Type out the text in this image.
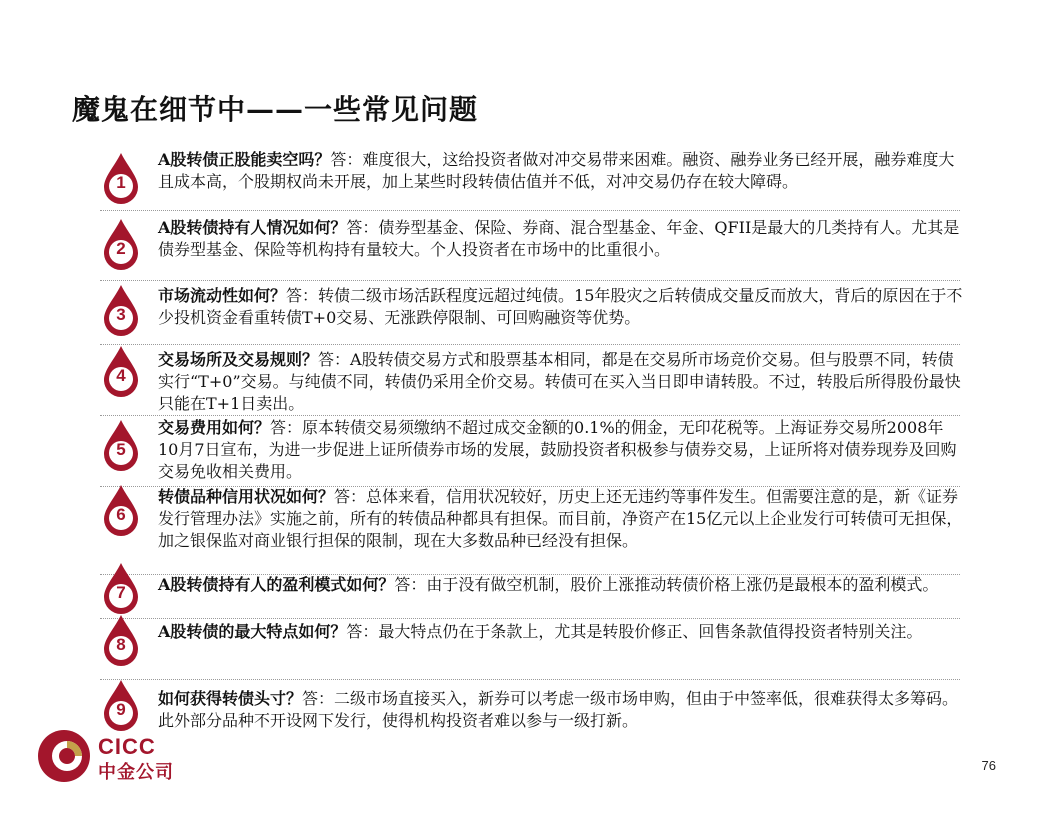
魔鬼在细节中——一些常见问题
1
A股转债正股能卖空吗？答：难度很大，这给投资者做对冲交易带来困难。融资、融券业务已经开展，融券难度大且成本高，个股期权尚未开展，加上某些时段转债估值并不低，对冲交易仍存在较大障碍。
2
A股转债持有人情况如何？答：债券型基金、保险、券商、混合型基金、年金、QFII是最大的几类持有人。尤其是债券型基金、保险等机构持有量较大。个人投资者在市场中的比重很小。
3
市场流动性如何？答：转债二级市场活跃程度远超过纯债。15年股灾之后转债成交量反而放大，背后的原因在于不少投机资金看重转债T+0交易、无涨跌停限制、可回购融资等优势。
4
交易场所及交易规则？答：A股转债交易方式和股票基本相同，都是在交易所市场竞价交易。但与股票不同，转债实行“T+0”交易。与纯债不同，转债仍采用全价交易。转债可在买入当日即申请转股。不过，转股后所得股份最快只能在T+1日卖出。
5
交易费用如何？答：原本转债交易须缴纳不超过成交金额的0.1%的佣金，无印花税等。上海证券交易所2008年10月7日宣布，为进一步促进上证所债券市场的发展，鼓励投资者积极参与债券交易，上证所将对债券现券及回购交易免收相关费用。
6
转债品种信用状况如何？答：总体来看，信用状况较好，历史上还无违约等事件发生。但需要注意的是，新《证券发行管理办法》实施之前，所有的转债品种都具有担保。而目前，净资产在15亿元以上企业发行可转债可无担保，加之银保监对商业银行担保的限制，现在大多数品种已经没有担保。
7	A股转债持有人的盈利模式如何？答：由于没有做空机制，股价上涨推动转债价格上涨仍是最根本的盈利模式。
8
A股转债的最大特点如何？答：最大特点仍在于条款上，尤其是转股价修正、回售条款值得投资者特别关注。
9
如何获得转债头寸？答：二级市场直接买入，新券可以考虑一级市场申购，但由于中签率低，很难获得太多筹码。此外部分品种不开设网下发行，使得机构投资者难以参与一级打新。
CICC
中金公司	76
